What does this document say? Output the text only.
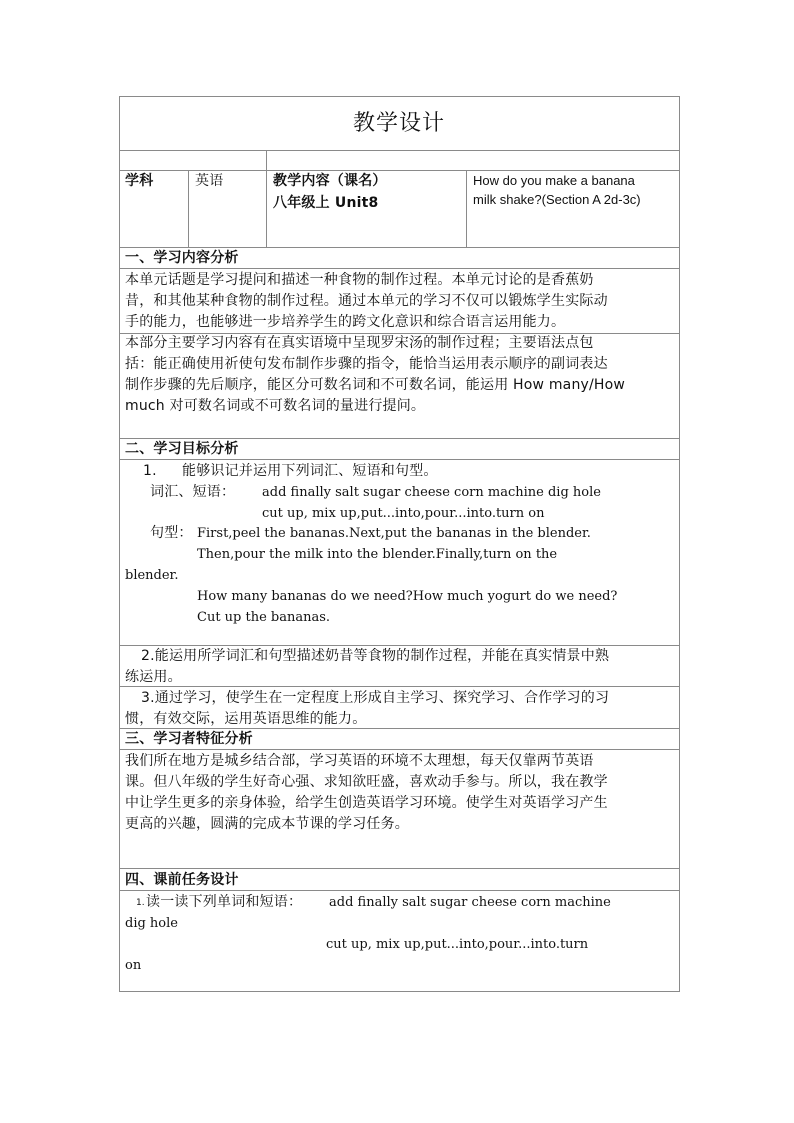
教学设计
学科	英语	教学内容（课名）
八年级上 Unit8
How do you make a banana
milk shake?(Section A 2d-3c)
一、学习内容分析
本单元话题是学习提问和描述一种食物的制作过程。本单元讨论的是香蕉奶
昔，和其他某种食物的制作过程。通过本单元的学习不仅可以锻炼学生实际动
手的能力，也能够进一步培养学生的跨文化意识和综合语言运用能力。
本部分主要学习内容有在真实语境中呈现罗宋汤的制作过程；主要语法点包
括：能正确使用祈使句发布制作步骤的指令，能恰当运用表示顺序的副词表达
制作步骤的先后顺序，能区分可数名词和不可数名词，能运用 How many/How
much 对可数名词或不可数名词的量进行提问。
二、学习目标分析
1. 能够识记并运用下列词汇、短语和句型。
词汇、短语： add finally salt sugar cheese corn machine dig hole
cut up, mix up,put...into,pour...into.turn on
句型： First,peel the bananas.Next,put the bananas in the blender.
Then,pour the milk into the blender.Finally,turn on the
blender.
How many bananas do we need?How much yogurt do we need?
Cut up the bananas.
2.能运用所学词汇和句型描述奶昔等食物的制作过程，并能在真实情景中熟
练运用。
3.通过学习，使学生在一定程度上形成自主学习、探究学习、合作学习的习
惯，有效交际，运用英语思维的能力。
三、学习者特征分析
我们所在地方是城乡结合部，学习英语的环境不太理想，每天仅靠两节英语
课。但八年级的学生好奇心强、求知欲旺盛，喜欢动手参与。所以，我在教学
中让学生更多的亲身体验，给学生创造英语学习环境。使学生对英语学习产生
更高的兴趣，圆满的完成本节课的学习任务。
四、课前任务设计
1. 读一读下列单词和短语： add finally salt sugar cheese corn machine
dig hole
cut up, mix up,put...into,pour...into.turn
on
